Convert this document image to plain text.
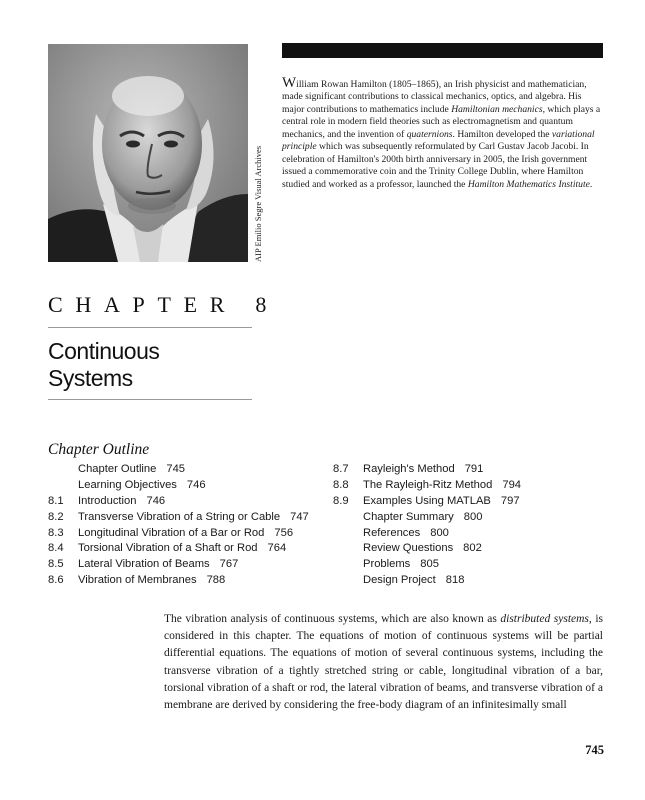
AIP Emilio Segre Visual Archives
William Rowan Hamilton (1805–1865), an Irish physicist and mathematician, made significant contributions to classical mechanics, optics, and algebra. His major contributions to mathematics include Hamiltonian mechanics, which plays a central role in modern field theories such as electromagnetism and quantum mechanics, and the invention of quaternions. Hamilton developed the variational principle which was subsequently reformulated by Carl Gustav Jacob Jacobi. In celebration of Hamilton's 200th birth anniversary in 2005, the Irish government issued a commemorative coin and the Trinity College Dublin, where Hamilton studied and worked as a professor, launched the Hamilton Mathematics Institute.
CHAPTER 8
Continuous
Systems
Chapter Outline
Chapter Outline 745
Learning Objectives 746
8.1	Introduction 746
8.2	Transverse Vibration of a String or Cable 747
8.3	Longitudinal Vibration of a Bar or Rod 756
8.4	Torsional Vibration of a Shaft or Rod 764
8.5	Lateral Vibration of Beams 767
8.6	Vibration of Membranes 788
8.7	Rayleigh's Method 791
8.8	The Rayleigh-Ritz Method 794
8.9	Examples Using MATLAB 797
Chapter Summary 800
References 800
Review Questions 802
Problems 805
Design Project 818
The vibration analysis of continuous systems, which are also known as distributed systems, is considered in this chapter. The equations of motion of continuous systems will be partial differential equations. The equations of motion of several continuous systems, including the transverse vibration of a tightly stretched string or cable, longitudinal vibration of a bar, torsional vibration of a shaft or rod, the lateral vibration of beams, and transverse vibration of a membrane are derived by considering the free-body diagram of an infinitesimally small
745
